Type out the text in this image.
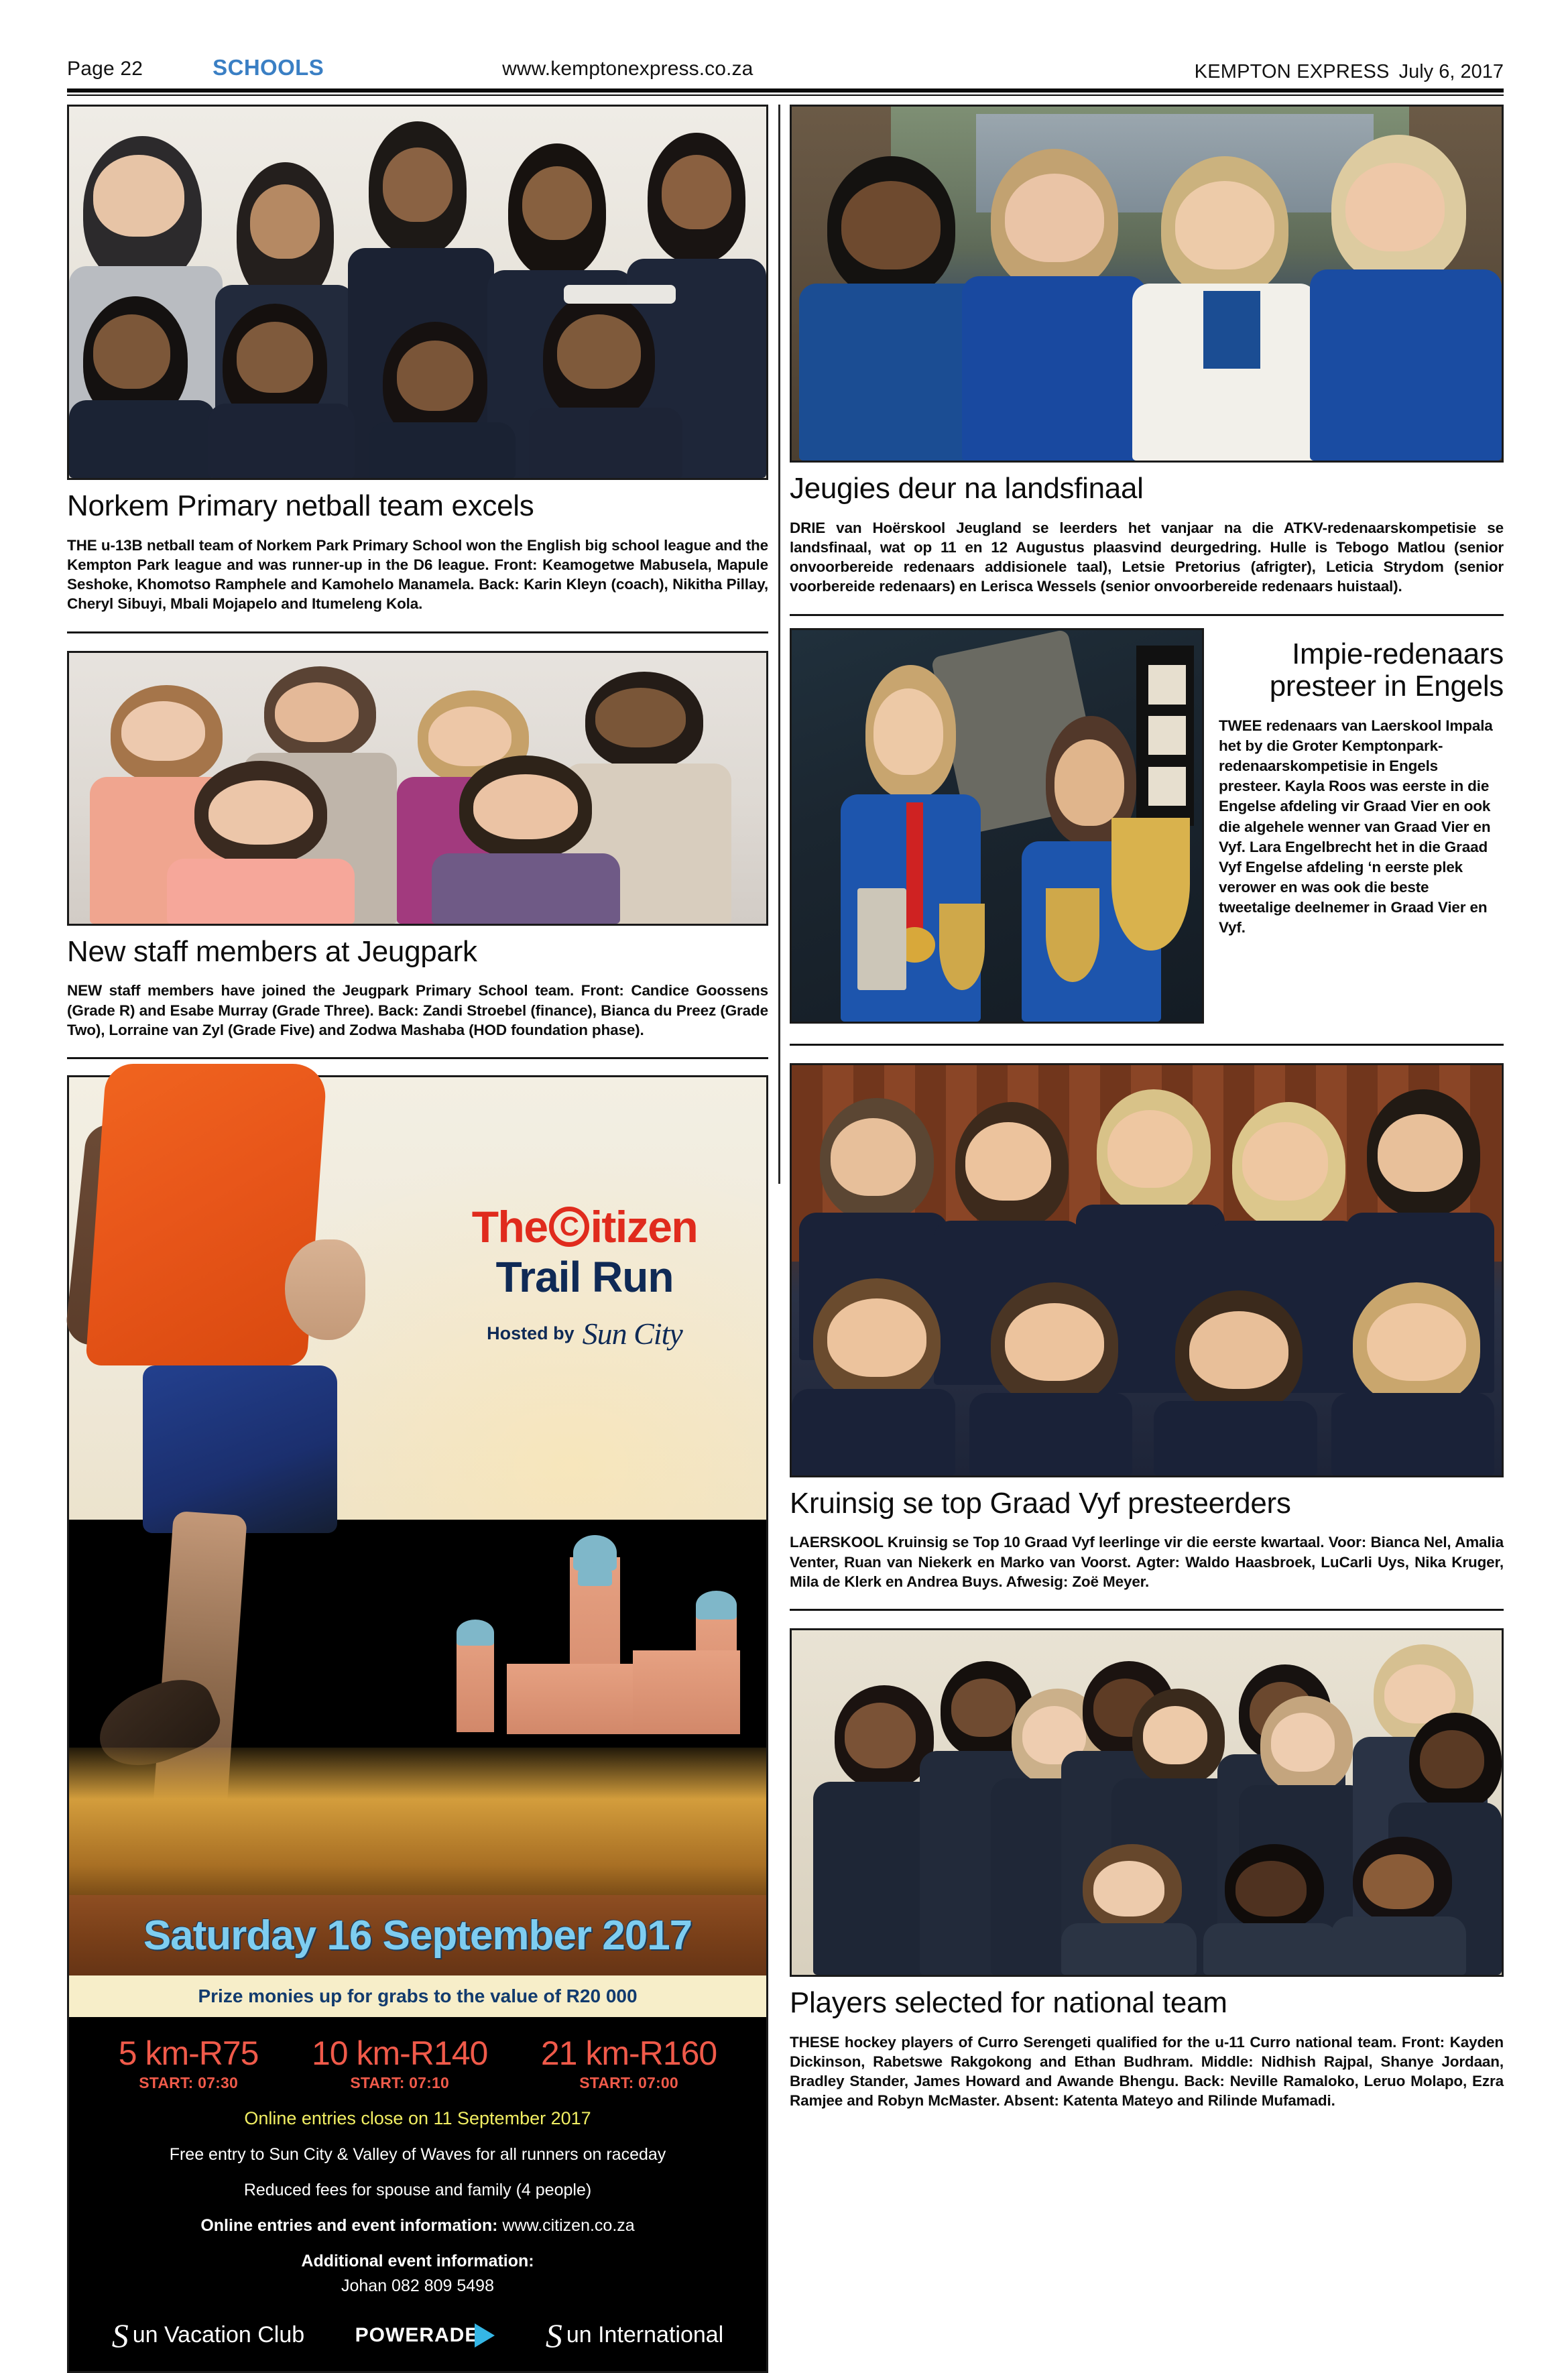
Page 22	SCHOOLS	www.kemptonexpress.co.za	KEMPTON EXPRESS July 6, 2017
Norkem Primary netball team excels

THE u-13B netball team of Norkem Park Primary School won the English big school league and the Kempton Park league and was runner-up in the D6 league. Front: Keamogetwe Mabusela, Mapule Seshoke, Khomotso Ramphele and Kamohelo Manamela. Back: Karin Kleyn (coach), Nikitha Pillay, Cheryl Sibuyi, Mbali Mojapelo and Itumeleng Kola.

New staff members at Jeugpark

NEW staff members have joined the Jeugpark Primary School team. Front: Candice Goossens (Grade R) and Esabe Murray (Grade Three). Back: Zandi Stroebel (finance), Bianca du Preez (Grade Two), Lorraine van Zyl (Grade Five) and Zodwa Mashaba (HOD foundation phase).

The C itizen
Trail Run
Hosted by Sun City
Saturday 16 September 2017
Prize monies up for grabs to the value of R20 000
5 km-R75
START: 07:30
10 km-R140
START: 07:10
21 km-R160
START: 07:00
Online entries close on 11 September 2017
Free entry to Sun City & Valley of Waves for all runners on raceday
Reduced fees for spouse and family (4 people)
Online entries and event information: www.citizen.co.za
Additional event information:
Johan 082 809 5498
S un Vacation Club	POWERADE S un International
Jeugies deur na landsfinaal

DRIE van Hoërskool Jeugland se leerders het vanjaar na die ATKV-redenaarskompetisie se landsfinaal, wat op 11 en 12 Augustus plaasvind deurgedring. Hulle is Tebogo Matlou (senior onvoorbereide redenaars addisionele taal), Letsie Pretorius (afrigter), Leticia Strydom (senior voorbereide redenaars) en Lerisca Wessels (senior onvoorbereide redenaars huistaal).

Impie-redenaars
presteer in Engels

TWEE redenaars van Laerskool Impala het by die Groter Kemptonpark-redenaarskompetisie in Engels presteer. Kayla Roos was eerste in die Engelse afdeling vir Graad Vier en ook die algehele wenner van Graad Vier en Vyf. Lara Engelbrecht het in die Graad Vyf Engelse afdeling ‘n eerste plek verower en was ook die beste tweetalige deelnemer in Graad Vier en Vyf.

Kruinsig se top Graad Vyf presteerders

LAERSKOOL Kruinsig se Top 10 Graad Vyf leerlinge vir die eerste kwartaal. Voor: Bianca Nel, Amalia Venter, Ruan van Niekerk en Marko van Voorst. Agter: Waldo Haasbroek, LuCarli Uys, Nika Kruger, Mila de Klerk en Andrea Buys. Afwesig: Zoë Meyer.

Players selected for national team

THESE hockey players of Curro Serengeti qualified for the u-11 Curro national team. Front: Kayden Dickinson, Rabetswe Rakgokong and Ethan Budhram. Middle: Nidhish Rajpal, Shanye Jordaan, Bradley Stander, James Howard and Awande Bhengu. Back: Neville Ramaloko, Leruo Molapo, Ezra Ramjee and Robyn McMaster. Absent: Katenta Mateyo and Rilinde Mufamadi.
